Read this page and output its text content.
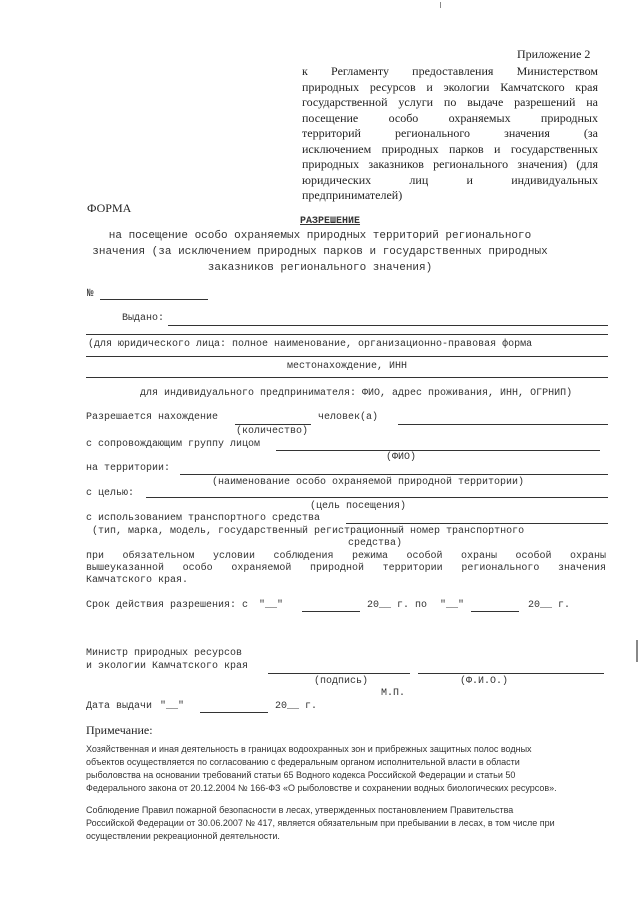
Приложение 2
к Регламенту предоставления Министерством
природных ресурсов и экологии Камчатского края
государственной услуги по выдаче разрешений на
посещение особо охраняемых природных
территорий регионального значения (за
исключением природных парков и государственных
природных заказников регионального значения) (для
юридических лиц и индивидуальных
предпринимателей)
ФОРМА
РАЗРЕШЕНИЕ
на посещение особо охраняемых природных территорий регионального
значения (за исключением природных парков и государственных природных
заказников регионального значения)
№
Выдано:
(для юридического лица: полное наименование, организационно-правовая форма
местонахождение, ИНН
для индивидуального предпринимателя: ФИО, адрес проживания, ИНН, ОГРНИП)
Разрешается нахождение	человек(а)
(количество)
с сопровождающим группу лицом
(ФИО)
на территории:
(наименование особо охраняемой природной территории)
с целью:
(цель посещения)
с использованием транспортного средства
(тип, марка, модель, государственный регистрационный номер транспортного
средства)
при обязательном условии соблюдения режима особой охраны особой охраны
вышеуказанной особо охраняемой природной территории регионального значения
Камчатского края.
Срок действия разрешения: с "__"	20__ г. по "__"	20__ г.
Министр природных ресурсов
и экологии Камчатского края
(подпись)	(Ф.И.О.)
М.П.
Дата выдачи "__"	20__ г.
Примечание:
Хозяйственная и иная деятельность в границах водоохранных зон и прибрежных защитных полос водных
объектов осуществляется по согласованию с федеральным органом исполнительной власти в области
рыболовства на основании требований статьи 65 Водного кодекса Российской Федерации и статьи 50
Федерального закона от 20.12.2004 № 166-ФЗ «О рыболовстве и сохранении водных биологических ресурсов».
Соблюдение Правил пожарной безопасности в лесах, утвержденных постановлением Правительства
Российской Федерации от 30.06.2007 № 417, является обязательным при пребывании в лесах, в том числе при
осуществлении рекреационной деятельности.
